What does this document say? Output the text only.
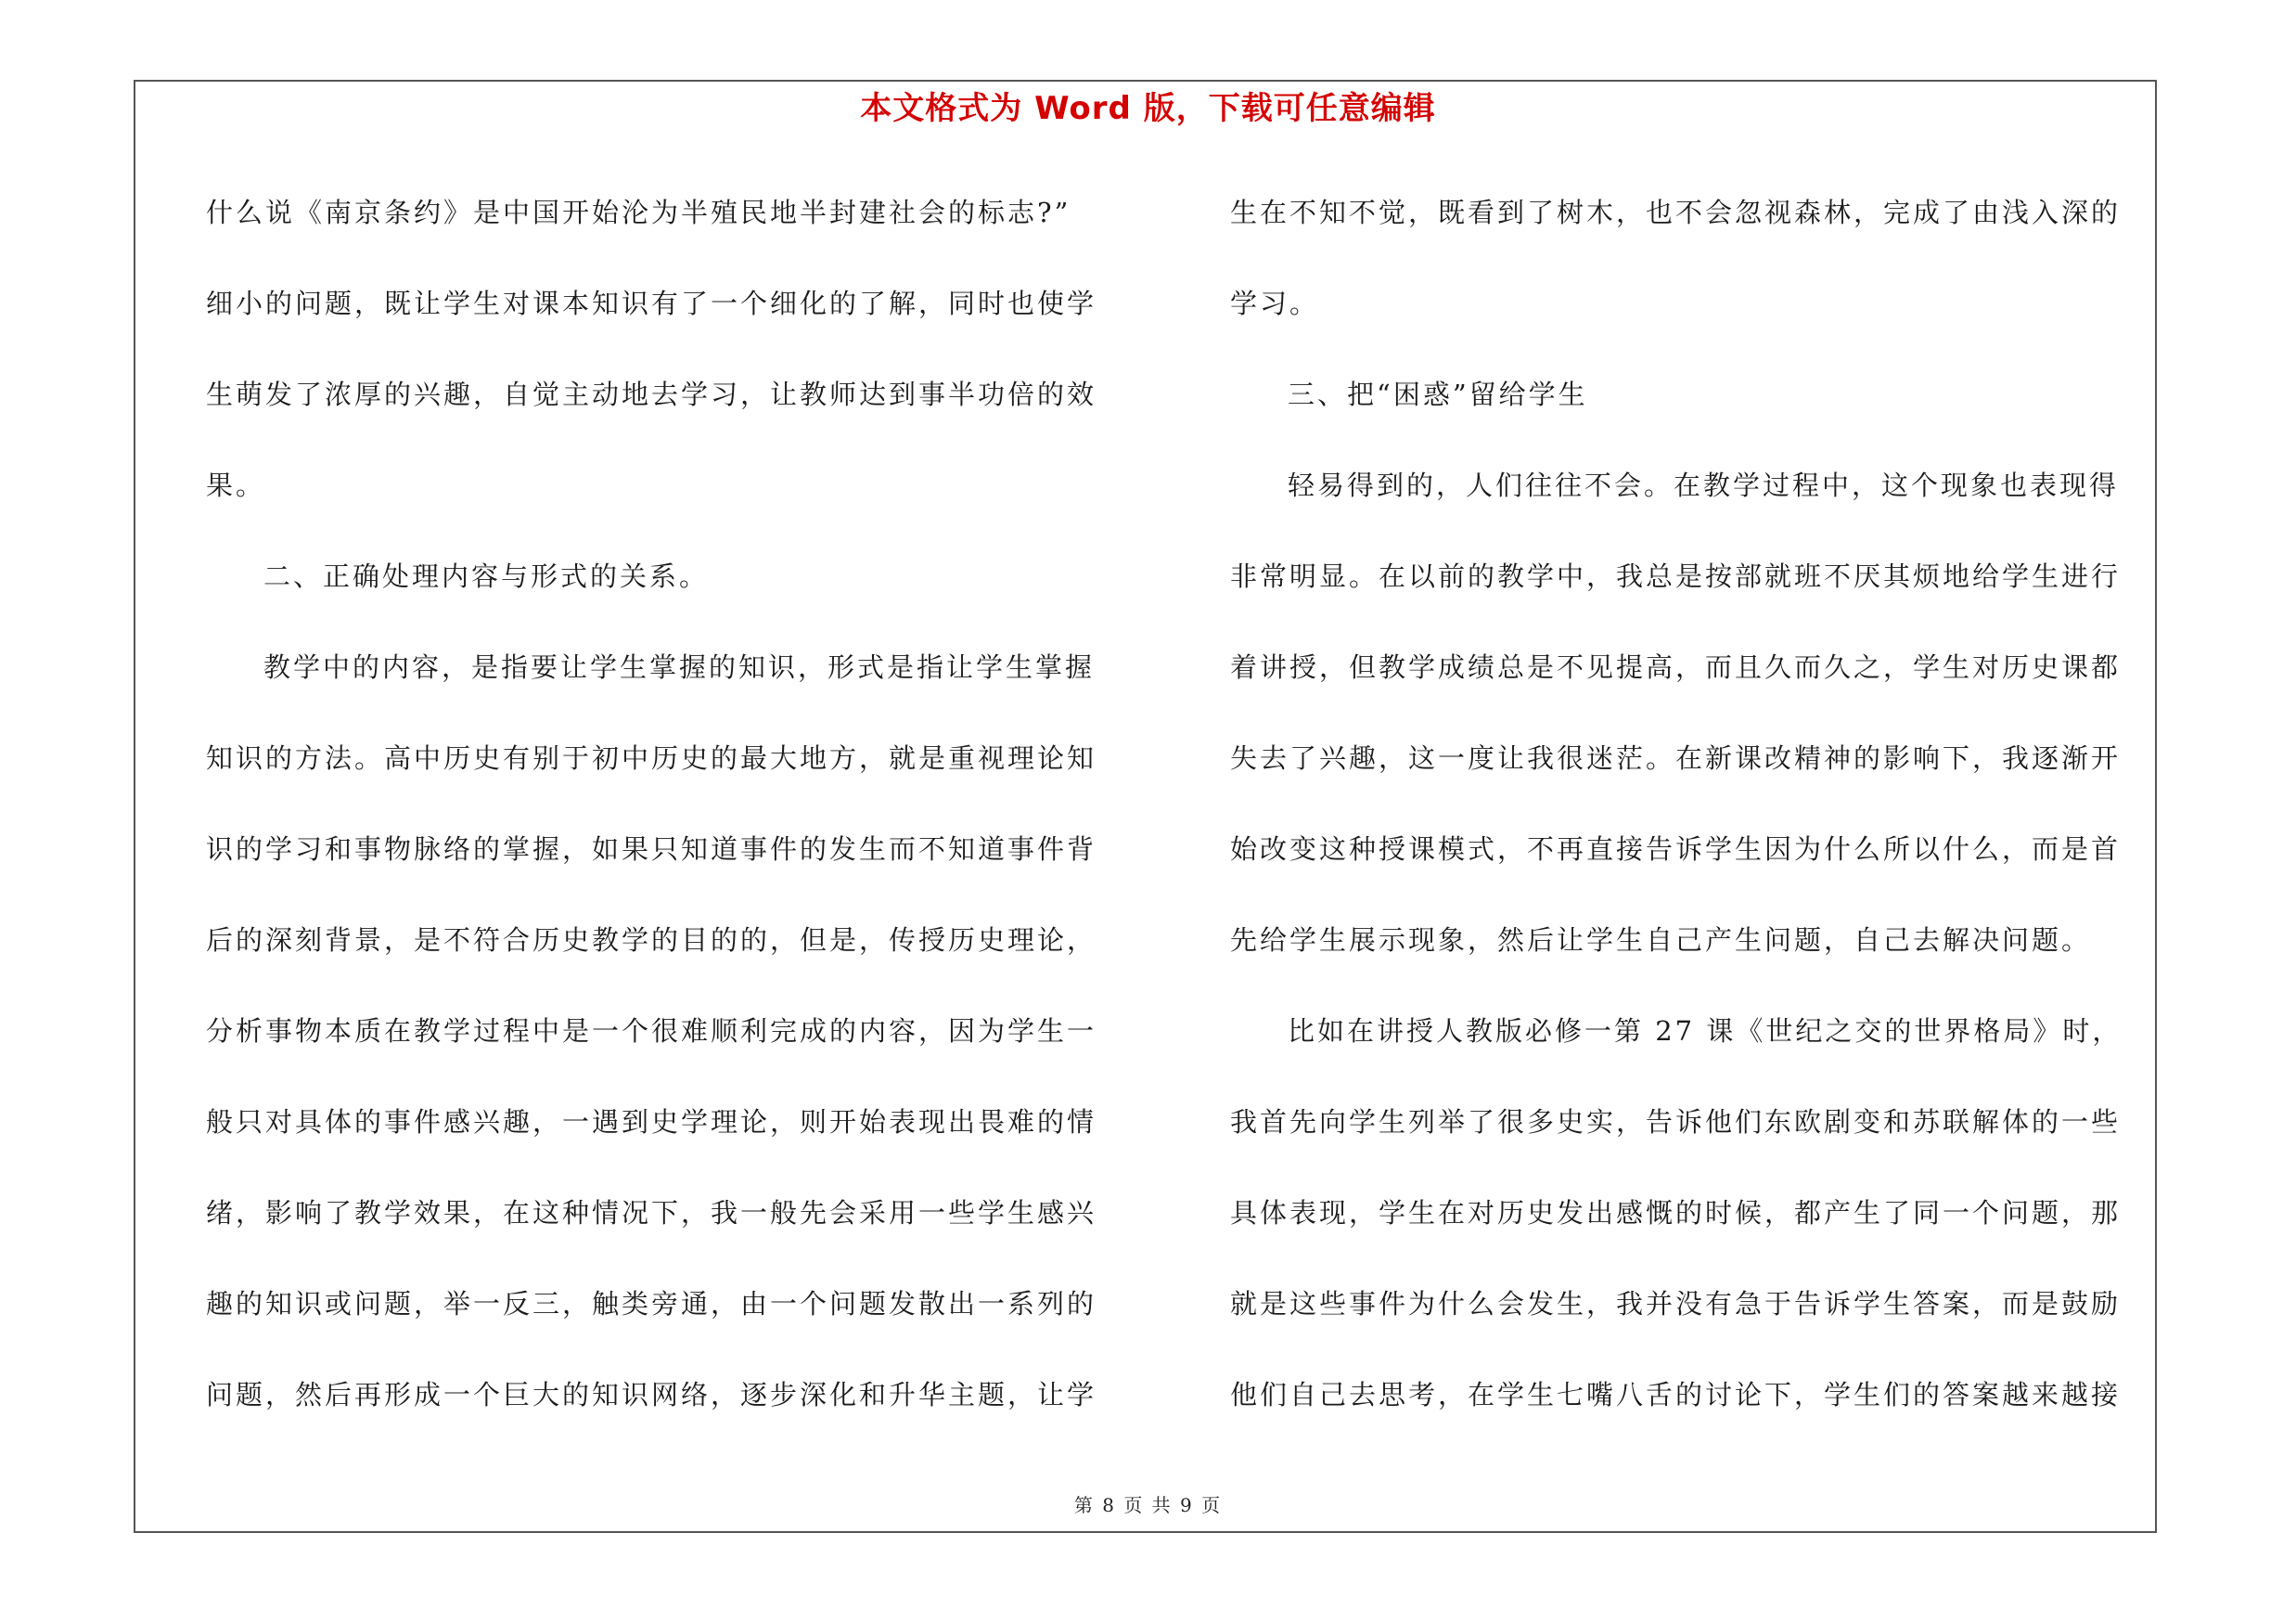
本文格式为 Word 版，下载可任意编辑
什么说《南京条约》是中国开始沦为半殖民地半封建社会的标志?”
细小的问题，既让学生对课本知识有了一个细化的了解，同时也使学
生萌发了浓厚的兴趣，自觉主动地去学习，让教师达到事半功倍的效
果。
二、正确处理内容与形式的关系。
教学中的内容，是指要让学生掌握的知识，形式是指让学生掌握
知识的方法。高中历史有别于初中历史的最大地方，就是重视理论知
识的学习和事物脉络的掌握，如果只知道事件的发生而不知道事件背
后的深刻背景，是不符合历史教学的目的的，但是，传授历史理论，
分析事物本质在教学过程中是一个很难顺利完成的内容，因为学生一
般只对具体的事件感兴趣，一遇到史学理论，则开始表现出畏难的情
绪，影响了教学效果，在这种情况下，我一般先会采用一些学生感兴
趣的知识或问题，举一反三，触类旁通，由一个问题发散出一系列的
问题，然后再形成一个巨大的知识网络，逐步深化和升华主题，让学
生在不知不觉，既看到了树木，也不会忽视森林，完成了由浅入深的
学习。
三、把“困惑”留给学生
轻易得到的，人们往往不会。在教学过程中，这个现象也表现得
非常明显。在以前的教学中，我总是按部就班不厌其烦地给学生进行
着讲授，但教学成绩总是不见提高，而且久而久之，学生对历史课都
失去了兴趣，这一度让我很迷茫。在新课改精神的影响下，我逐渐开
始改变这种授课模式，不再直接告诉学生因为什么所以什么，而是首
先给学生展示现象，然后让学生自己产生问题，自己去解决问题。
比如在讲授人教版必修一第 27 课《世纪之交的世界格局》时，
我首先向学生列举了很多史实，告诉他们东欧剧变和苏联解体的一些
具体表现，学生在对历史发出感慨的时候，都产生了同一个问题，那
就是这些事件为什么会发生，我并没有急于告诉学生答案，而是鼓励
他们自己去思考，在学生七嘴八舌的讨论下，学生们的答案越来越接
第 8 页 共 9 页
